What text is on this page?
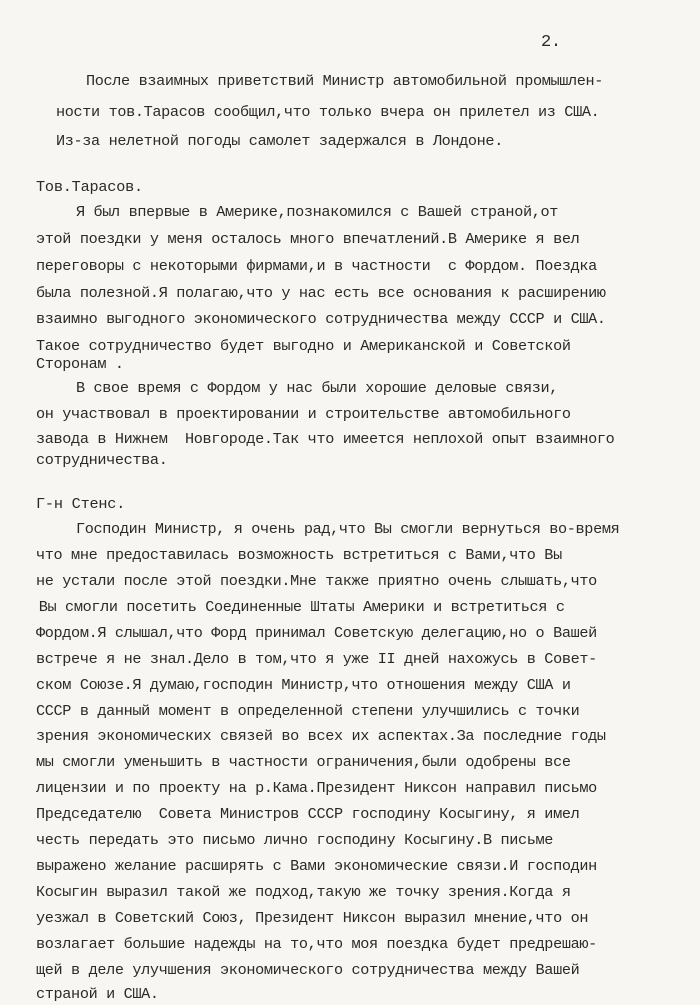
2.
После взаимных приветствий Министр автомобильной промышлен-
ности тов.Тарасов сообщил,что только вчера он прилетел из США.
Из-за нелетной погоды самолет задержался в Лондоне.
Тов.Тарасов.
Я был впервые в Америке,познакомился с Вашей страной,от
этой поездки у меня осталось много впечатлений.В Америке я вел
переговоры с некоторыми фирмами,и в частности  с Фордом. Поездка
была полезной.Я полагаю,что у нас есть все основания к расширению
взаимно выгодного экономического сотрудничества между СССР и США.
Такое сотрудничество будет выгодно и Американской и Советской
Сторонам .
В свое время с Фордом у нас были хорошие деловые связи,
он участвовал в проектировании и строительстве автомобильного
завода в Нижнем  Новгороде.Так что имеется неплохой опыт взаимного
сотрудничества.
Г-н Стенс.
Господин Министр, я очень рад,что Вы смогли вернуться во-время
что мне предоставилась возможность встретиться с Вами,что Вы
не устали после этой поездки.Мне также приятно очень слышать,что
Вы смогли посетить Соединенные Штаты Америки и встретиться с
Фордом.Я слышал,что Форд принимал Советскую делегацию,но о Вашей
встрече я не знал.Дело в том,что я уже II дней нахожусь в Совет-
ском Союзе.Я думаю,господин Министр,что отношения между США и
СССР в данный момент в определенной степени улучшились с точки
зрения экономических связей во всех их аспектах.За последние годы
мы смогли уменьшить в частности ограничения,были одобрены все
лицензии и по проекту на р.Кама.Президент Никсон направил письмо
Председателю  Совета Министров СССР господину Косыгину, я имел
честь передать это письмо лично господину Косыгину.В письме
выражено желание расширять с Вами экономические связи.И господин
Косыгин выразил такой же подход,такую же точку зрения.Когда я
уезжал в Советский Союз, Президент Никсон выразил мнение,что он
возлагает большие надежды на то,что моя поездка будет предрешаю-
щей в деле улучшения экономического сотрудничества между Вашей
страной и США.
